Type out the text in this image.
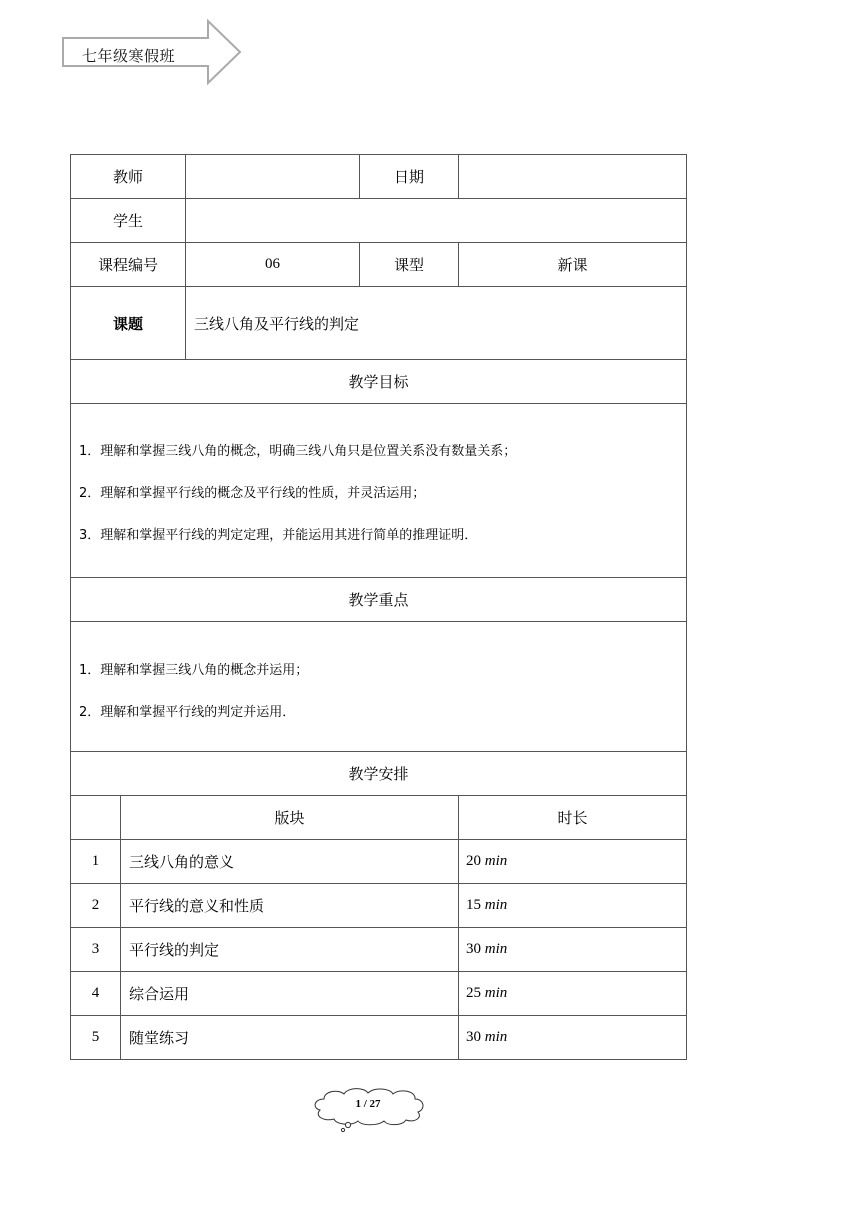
七年级寒假班
教师			日期	
学生				
课程编号		06	课型	新课
课题		三线八角及平行线的判定		
教学目标				

1．理解和掌握三线八角的概念，明确三线八角只是位置关系没有数量关系；

2．理解和掌握平行线的概念及平行线的性质，并灵活运用；

3．理解和掌握平行线的判定定理，并能运用其进行简单的推理证明．				

教学重点				

1．理解和掌握三线八角的概念并运用；

2．理解和掌握平行线的判定并运用．				

教学安排				
	版块			时长
1	三线八角的意义			20 min
2	平行线的意义和性质			15 min
3	平行线的判定			30 min
4	综合运用			25 min
5	随堂练习			30 min
1 / 27
